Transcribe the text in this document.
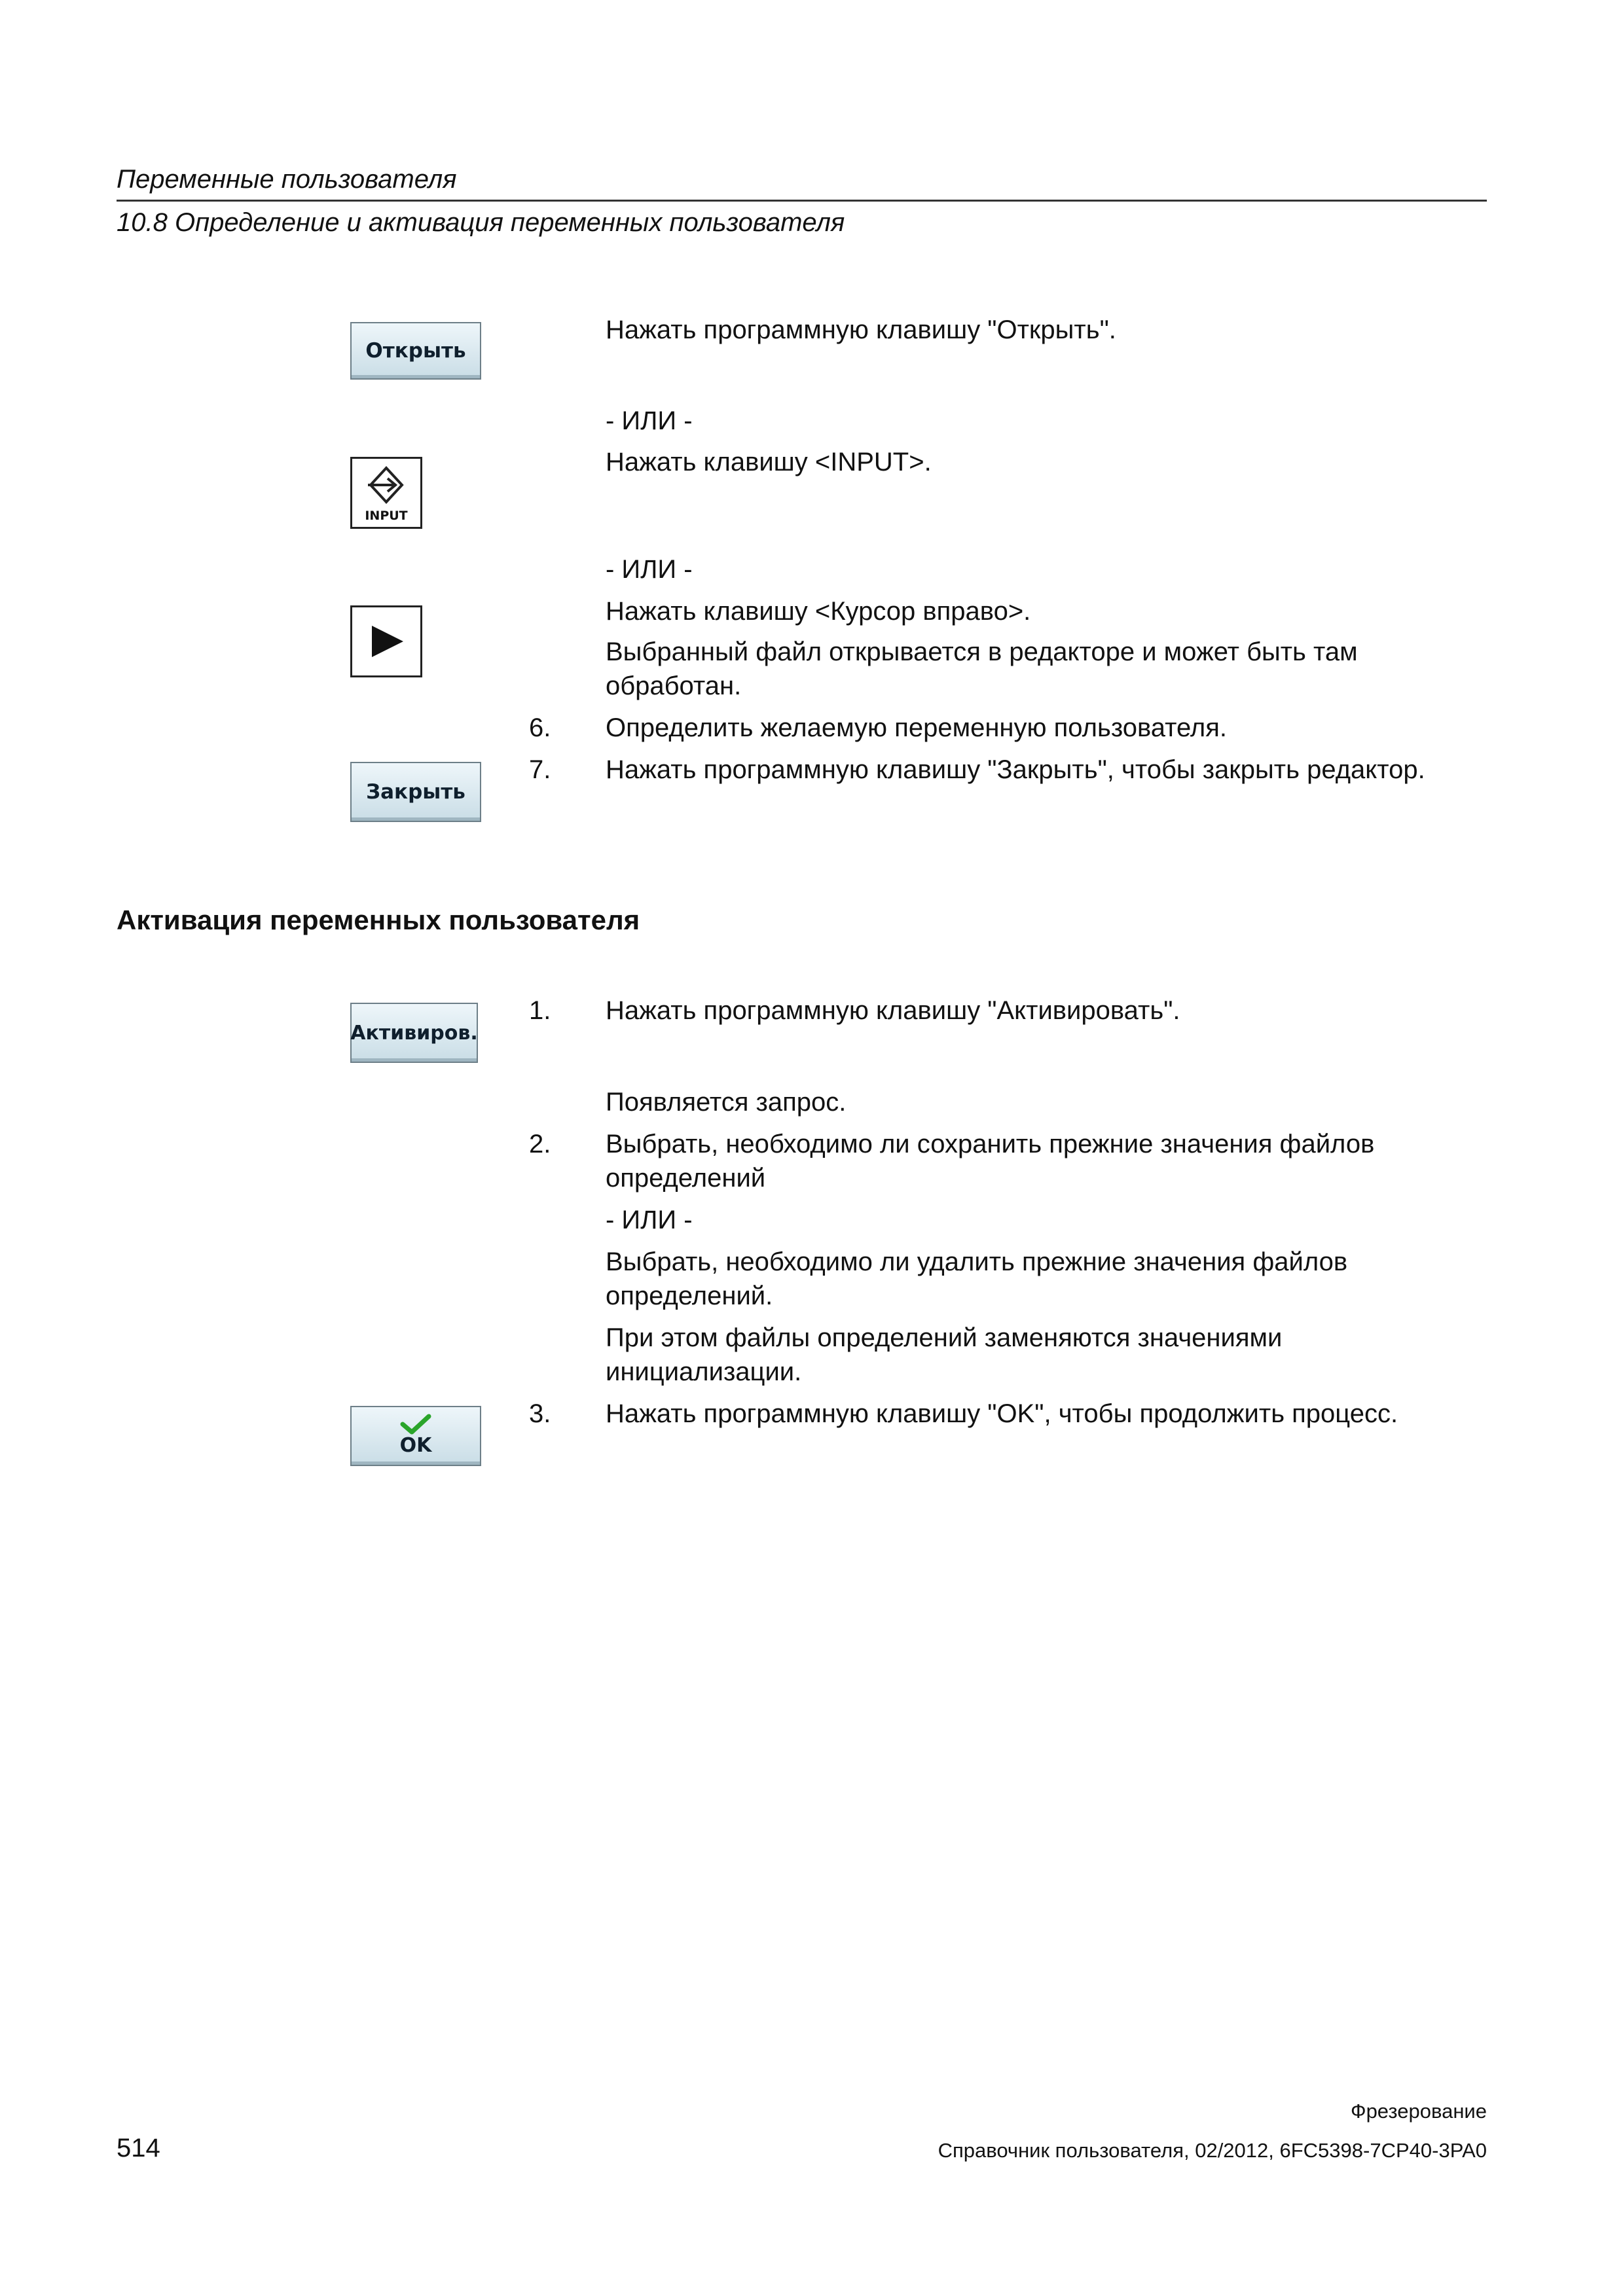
Переменные пользователя
10.8 Определение и активация переменных пользователя
Открыть
Нажать программную клавишу "Открыть".
- ИЛИ -
INPUT
Нажать клавишу <INPUT>.
- ИЛИ -
Нажать клавишу <Курсор вправо>.
Выбранный файл открывается в редакторе и может быть там
обработан.
6. Определить желаемую переменную пользователя.
Закрыть
7. Нажать программную клавишу "Закрыть", чтобы закрыть редактор.
Активация переменных пользователя
Активиров.
1. Нажать программную клавишу "Активировать".
Появляется запрос.
2. Выбрать, необходимо ли сохранить прежние значения файлов
определений
- ИЛИ -
Выбрать, необходимо ли удалить прежние значения файлов
определений.
При этом файлы определений заменяются значениями
инициализации.
OK
3. Нажать программную клавишу "OK", чтобы продолжить процесс.
Фрезерование
514	Справочник пользователя, 02/2012, 6FC5398-7CP40-3PA0
